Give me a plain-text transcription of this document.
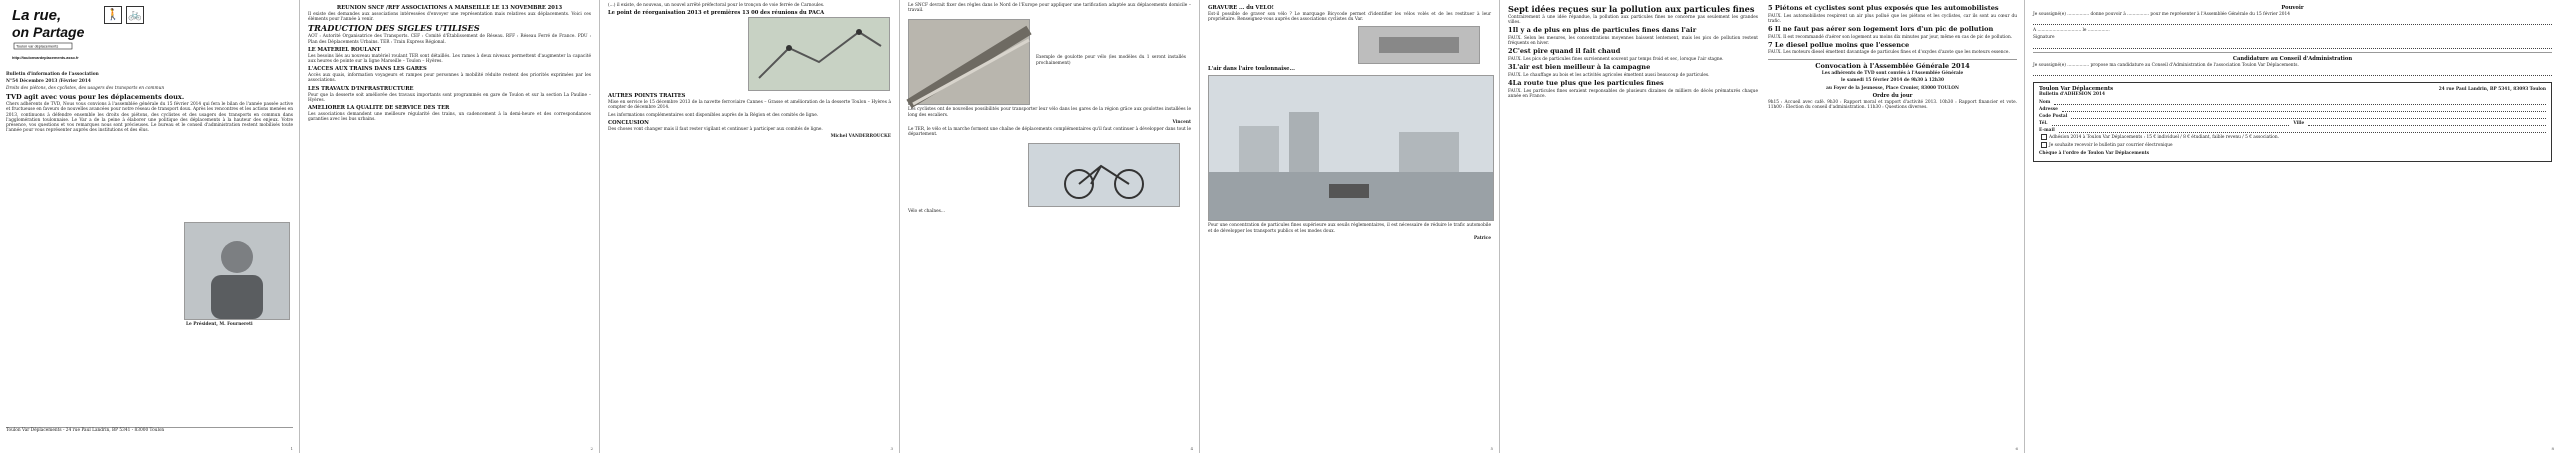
La rue,
on Partage
Toulon var déplacements
http://toulonvardeplacements.asso.fr
🚶 🚲

Bulletin d'information de l'association

N°54 Décembre 2013 /Février 2014

Droits des piétons, des cyclistes, des usagers des transports en commun

TVD agit avec vous pour les déplacements doux.

Chers adhérents de TVD, Nous vous convions à l'assemblée générale du 15 février 2014 qui fera le bilan de l'année passée active et fructueuse en faveurs de nouvelles avancées pour notre réseau de transport doux. Après les rencontres et les actions menées en 2013, continuons à défendre ensemble les droits des piétons, des cyclistes et des usagers des transports en commun dans l'agglomération toulonnaise. Le Var a de la peine à élaborer une politique des déplacements à la hauteur des enjeux. Votre présence, vos questions et vos remarques nous sont précieuses. Le bureau et le conseil d'administration restent mobilisés toute l'année pour vous représenter auprès des institutions et des élus.

Le Président, M. Fournereti

Toulon Var Déplacements - 24 rue Paul Landrin, BP 5341 - 83000 Toulon

1

REUNION SNCF /RFF ASSOCIATIONS A MARSEILLE LE 13 NOVEMBRE 2013

Il existe des demandes aux associations intéressées d'envoyer une représentation mais relatives aux déplacements. Voici ces éléments pour l'année à venir.

TRADUCTION DES SIGLES UTILISES

AOT : Autorité Organisatrice des Transports. CEF : Comité d'Établissement de Réseau. RFF : Réseau Ferré de France. PDU : Plan des Déplacements Urbains. TER : Train Express Régional.

LE MATERIEL ROULANT

Les besoins liés au nouveau matériel roulant TER sont détaillés. Les rames à deux niveaux permettent d'augmenter la capacité aux heures de pointe sur la ligne Marseille – Toulon – Hyères.

L'ACCES AUX TRAINS DANS LES GARES

Accès aux quais, information voyageurs et rampes pour personnes à mobilité réduite restent des priorités exprimées par les associations.

LES TRAVAUX D'INFRASTRUCTURE

Pour que la desserte soit améliorée des travaux importants sont programmés en gare de Toulon et sur la section La Pauline – Hyères.

AMELIORER LA QUALITE DE SERVICE DES TER

Les associations demandent une meilleure régularité des trains, un cadencement à la demi-heure et des correspondances garanties avec les bus urbains.

2

(...) il existe, de nouveau, un nouvel arrêté préfectoral pour le tronçon de voie ferrée de Carnoules.

Le point de réorganisation 2013 et premières 13 00 des réunions du PACA

AUTRES POINTS TRAITES

Mise en service le 15 décembre 2013 de la navette ferroviaire Cannes – Grasse et amélioration de la desserte Toulon – Hyères à compter de décembre 2014.

Les informations complémentaires sont disponibles auprès de la Région et des comités de ligne.

CONCLUSION

Des choses vont changer mais il faut rester vigilant et continuer à participer aux comités de ligne.

Michel VANDERROUCKE

3

Le SNCF devrait fixer des règles dans le Nord de l'Europe pour appliquer une tarification adaptée aux déplacements domicile – travail.

Exemple de goulotte pour vélo (les modèles du 1 seront installés prochainement)

Les cyclistes ont de nouvelles possibilités pour transporter leur vélo dans les gares de la région grâce aux goulottes installées le long des escaliers.

Vincent

Le TER, le vélo et la marche forment une chaîne de déplacements complémentaires qu'il faut continuer à développer dans tout le département.

Vélo et chaînes...

4

GRAVURE ... du VELO!

Est-il possible de graver son vélo ? Le marquage Bicycode permet d'identifier les vélos volés et de les restituer à leur propriétaire. Renseignez-vous auprès des associations cyclistes du Var.

L'air dans l'aire toulonnaise...

Pour une concentration de particules fines supérieure aux seuils réglementaires, il est nécessaire de réduire le trafic automobile et de développer les transports publics et les modes doux.

Patrice

5

Sept idées reçues sur la pollution aux particules fines

Contrairement à une idée répandue, la pollution aux particules fines ne concerne pas seulement les grandes villes.

1Il y a de plus en plus de particules fines dans l'air

FAUX. Selon les mesures, les concentrations moyennes baissent lentement, mais les pics de pollution restent fréquents en hiver.

2C'est pire quand il fait chaud

FAUX. Les pics de particules fines surviennent souvent par temps froid et sec, lorsque l'air stagne.

3L'air est bien meilleur à la campagne

FAUX. Le chauffage au bois et les activités agricoles émettent aussi beaucoup de particules.

4La route tue plus que les particules fines

FAUX. Les particules fines seraient responsables de plusieurs dizaines de milliers de décès prématurés chaque année en France.

5 Piétons et cyclistes sont plus exposés que les automobilistes

FAUX. Les automobilistes respirent un air plus pollué que les piétons et les cyclistes, car ils sont au cœur du trafic.

6 Il ne faut pas aérer son logement lors d'un pic de pollution

FAUX. Il est recommandé d'aérer son logement au moins dix minutes par jour, même en cas de pic de pollution.

7 Le diesel pollue moins que l'essence

FAUX. Les moteurs diesel émettent davantage de particules fines et d'oxydes d'azote que les moteurs essence.

Convocation à l'Assemblée Générale 2014

Les adhérents de TVD sont conviés à l'Assemblée Générale

le samedi 15 février 2014 de 9h30 à 12h30

au Foyer de la Jeunesse, Place Cronier, 83000 TOULON

Ordre du jour

9h15 : Accueil avec café. 9h30 : Rapport moral et rapport d'activité 2013. 10h30 : Rapport financier et vote. 11h00 : Élection du conseil d'administration. 11h30 : Questions diverses.

6

Pouvoir

Je soussigné(e) ................ donne pouvoir à ................ pour me représenter à l'Assemblée Générale du 15 février 2014

A ................................ le ................

Signature

Candidature au Conseil d'Administration

Je soussigné(e) ................ propose ma candidature au Conseil d'Administration de l'association Toulon Var Déplacements.

Toulon Var Déplacements	24 rue Paul Landrin, BP 5341, 83093 Toulon

Bulletin d'ADHESION 2014

Nom
Adresse
Code Postal
Tél.	Ville
E-mail

Adhésion 2014 à Toulon Var Déplacements : 15 € individuel / 8 € étudiant, faible revenu / 5 € association.

Je souhaite recevoir le bulletin par courrier électronique

Chèque à l'ordre de Toulon Var Déplacements

8
